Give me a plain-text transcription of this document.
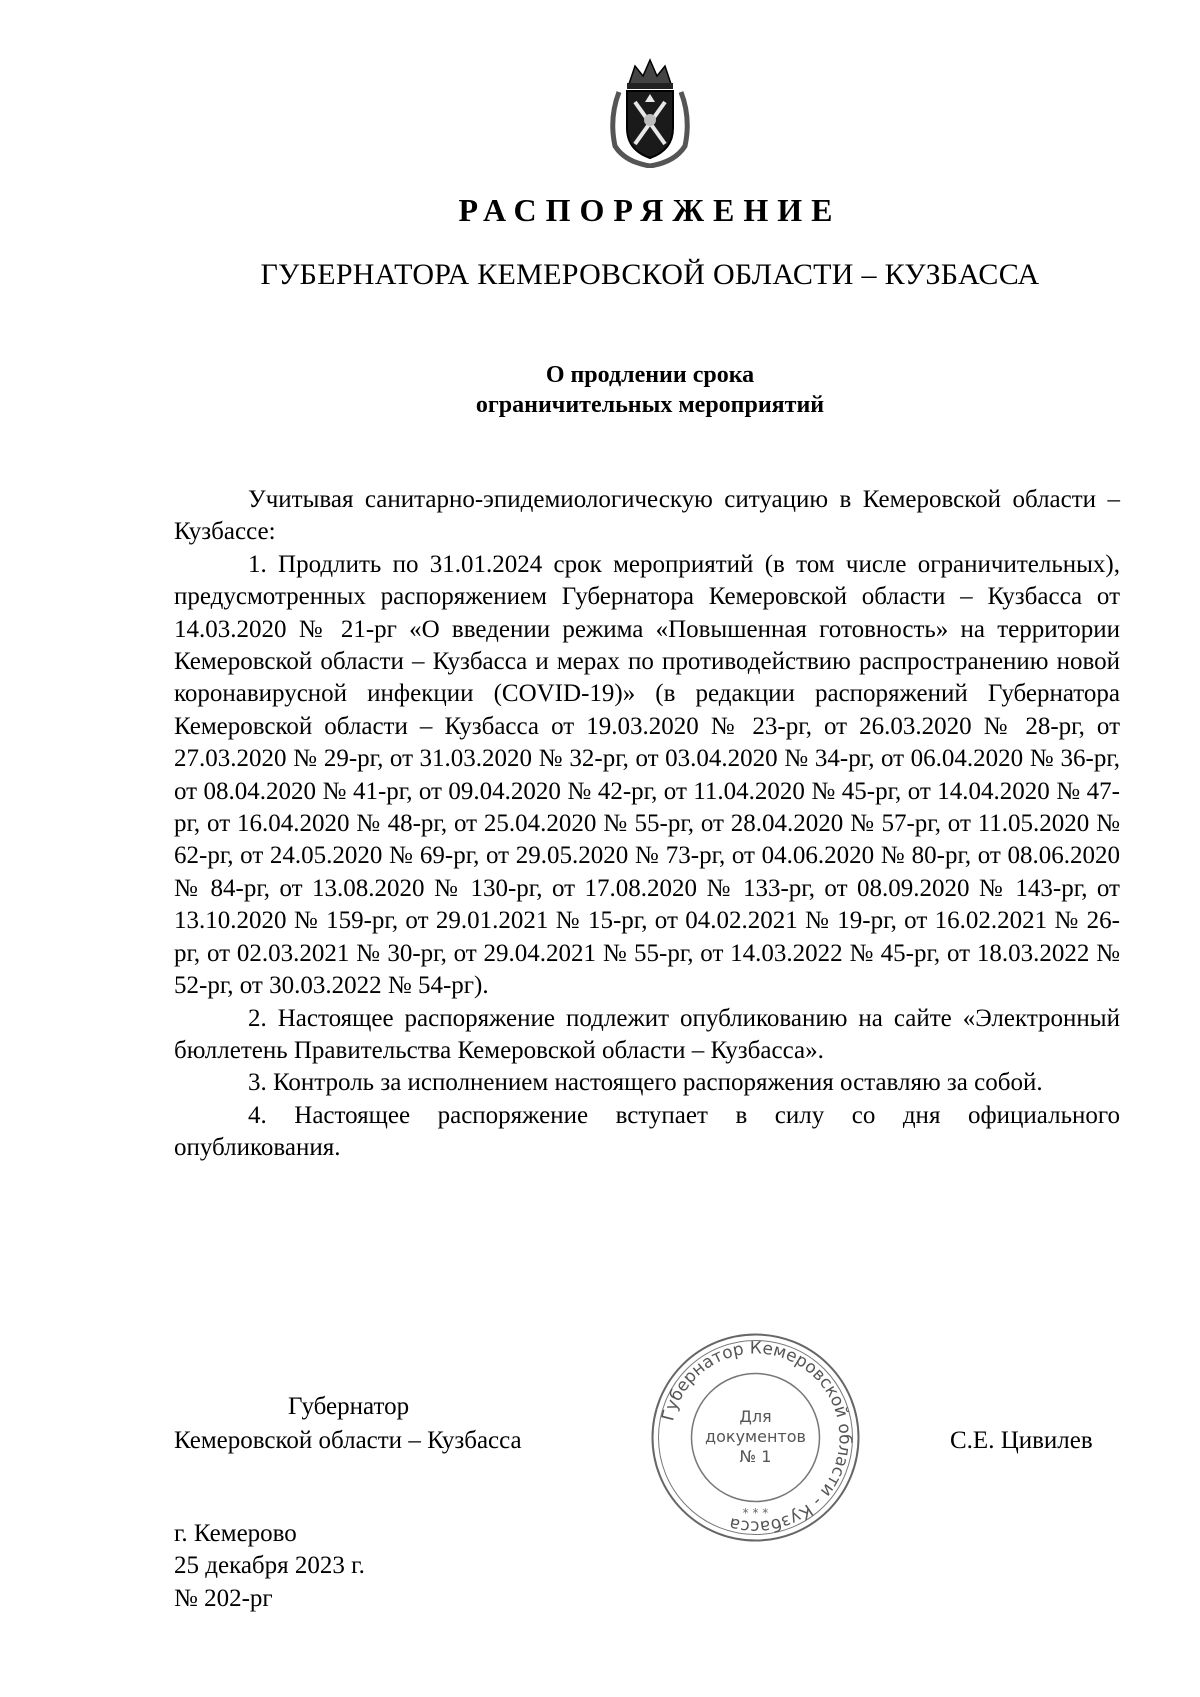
РАСПОРЯЖЕНИЕ
ГУБЕРНАТОРА КЕМЕРОВСКОЙ ОБЛАСТИ – КУЗБАССА
О продлении срока
ограничительных мероприятий

Учитывая санитарно-эпидемиологическую ситуацию в Кемеровской области – Кузбассе:

1. Продлить по 31.01.2024 срок мероприятий (в том числе ограничительных), предусмотренных распоряжением Губернатора Кемеровской области – Кузбасса от 14.03.2020 № 21-рг «О введении режима «Повышенная готовность» на территории Кемеровской области – Кузбасса и мерах по противодействию распространению новой коронавирусной инфекции (COVID-19)» (в редакции распоряжений Губернатора Кемеровской области – Кузбасса от 19.03.2020 № 23-рг, от 26.03.2020 № 28-рг, от 27.03.2020 № 29-рг, от 31.03.2020 № 32-рг, от 03.04.2020 № 34-рг, от 06.04.2020 № 36-рг, от 08.04.2020 № 41-рг, от 09.04.2020 № 42-рг, от 11.04.2020 № 45-рг, от 14.04.2020 № 47-рг, от 16.04.2020 № 48-рг, от 25.04.2020 № 55-рг, от 28.04.2020 № 57-рг, от 11.05.2020 № 62-рг, от 24.05.2020 № 69-рг, от 29.05.2020 № 73-рг, от 04.06.2020 № 80-рг, от 08.06.2020 № 84-рг, от 13.08.2020 № 130-рг, от 17.08.2020 № 133-рг, от 08.09.2020 № 143-рг, от 13.10.2020 № 159-рг, от 29.01.2021 № 15-рг, от 04.02.2021 № 19-рг, от 16.02.2021 № 26-рг, от 02.03.2021 № 30-рг, от 29.04.2021 № 55-рг, от 14.03.2022 № 45-рг, от 18.03.2022 № 52-рг, от 30.03.2022 № 54-рг).

2. Настоящее распоряжение подлежит опубликованию на сайте «Электронный бюллетень Правительства Кемеровской области – Кузбасса».

3. Контроль за исполнением настоящего распоряжения оставляю за собой.

4. Настоящее распоряжение вступает в силу со дня официального опубликования.

Губернатор
Кемеровской области – Кузбасса	С.Е. Цивилев
Губернатор Кемеровской области - Кузбасса
Для
документов
№ 1
* * *
г. Кемерово
25 декабря 2023 г.
№ 202-рг
